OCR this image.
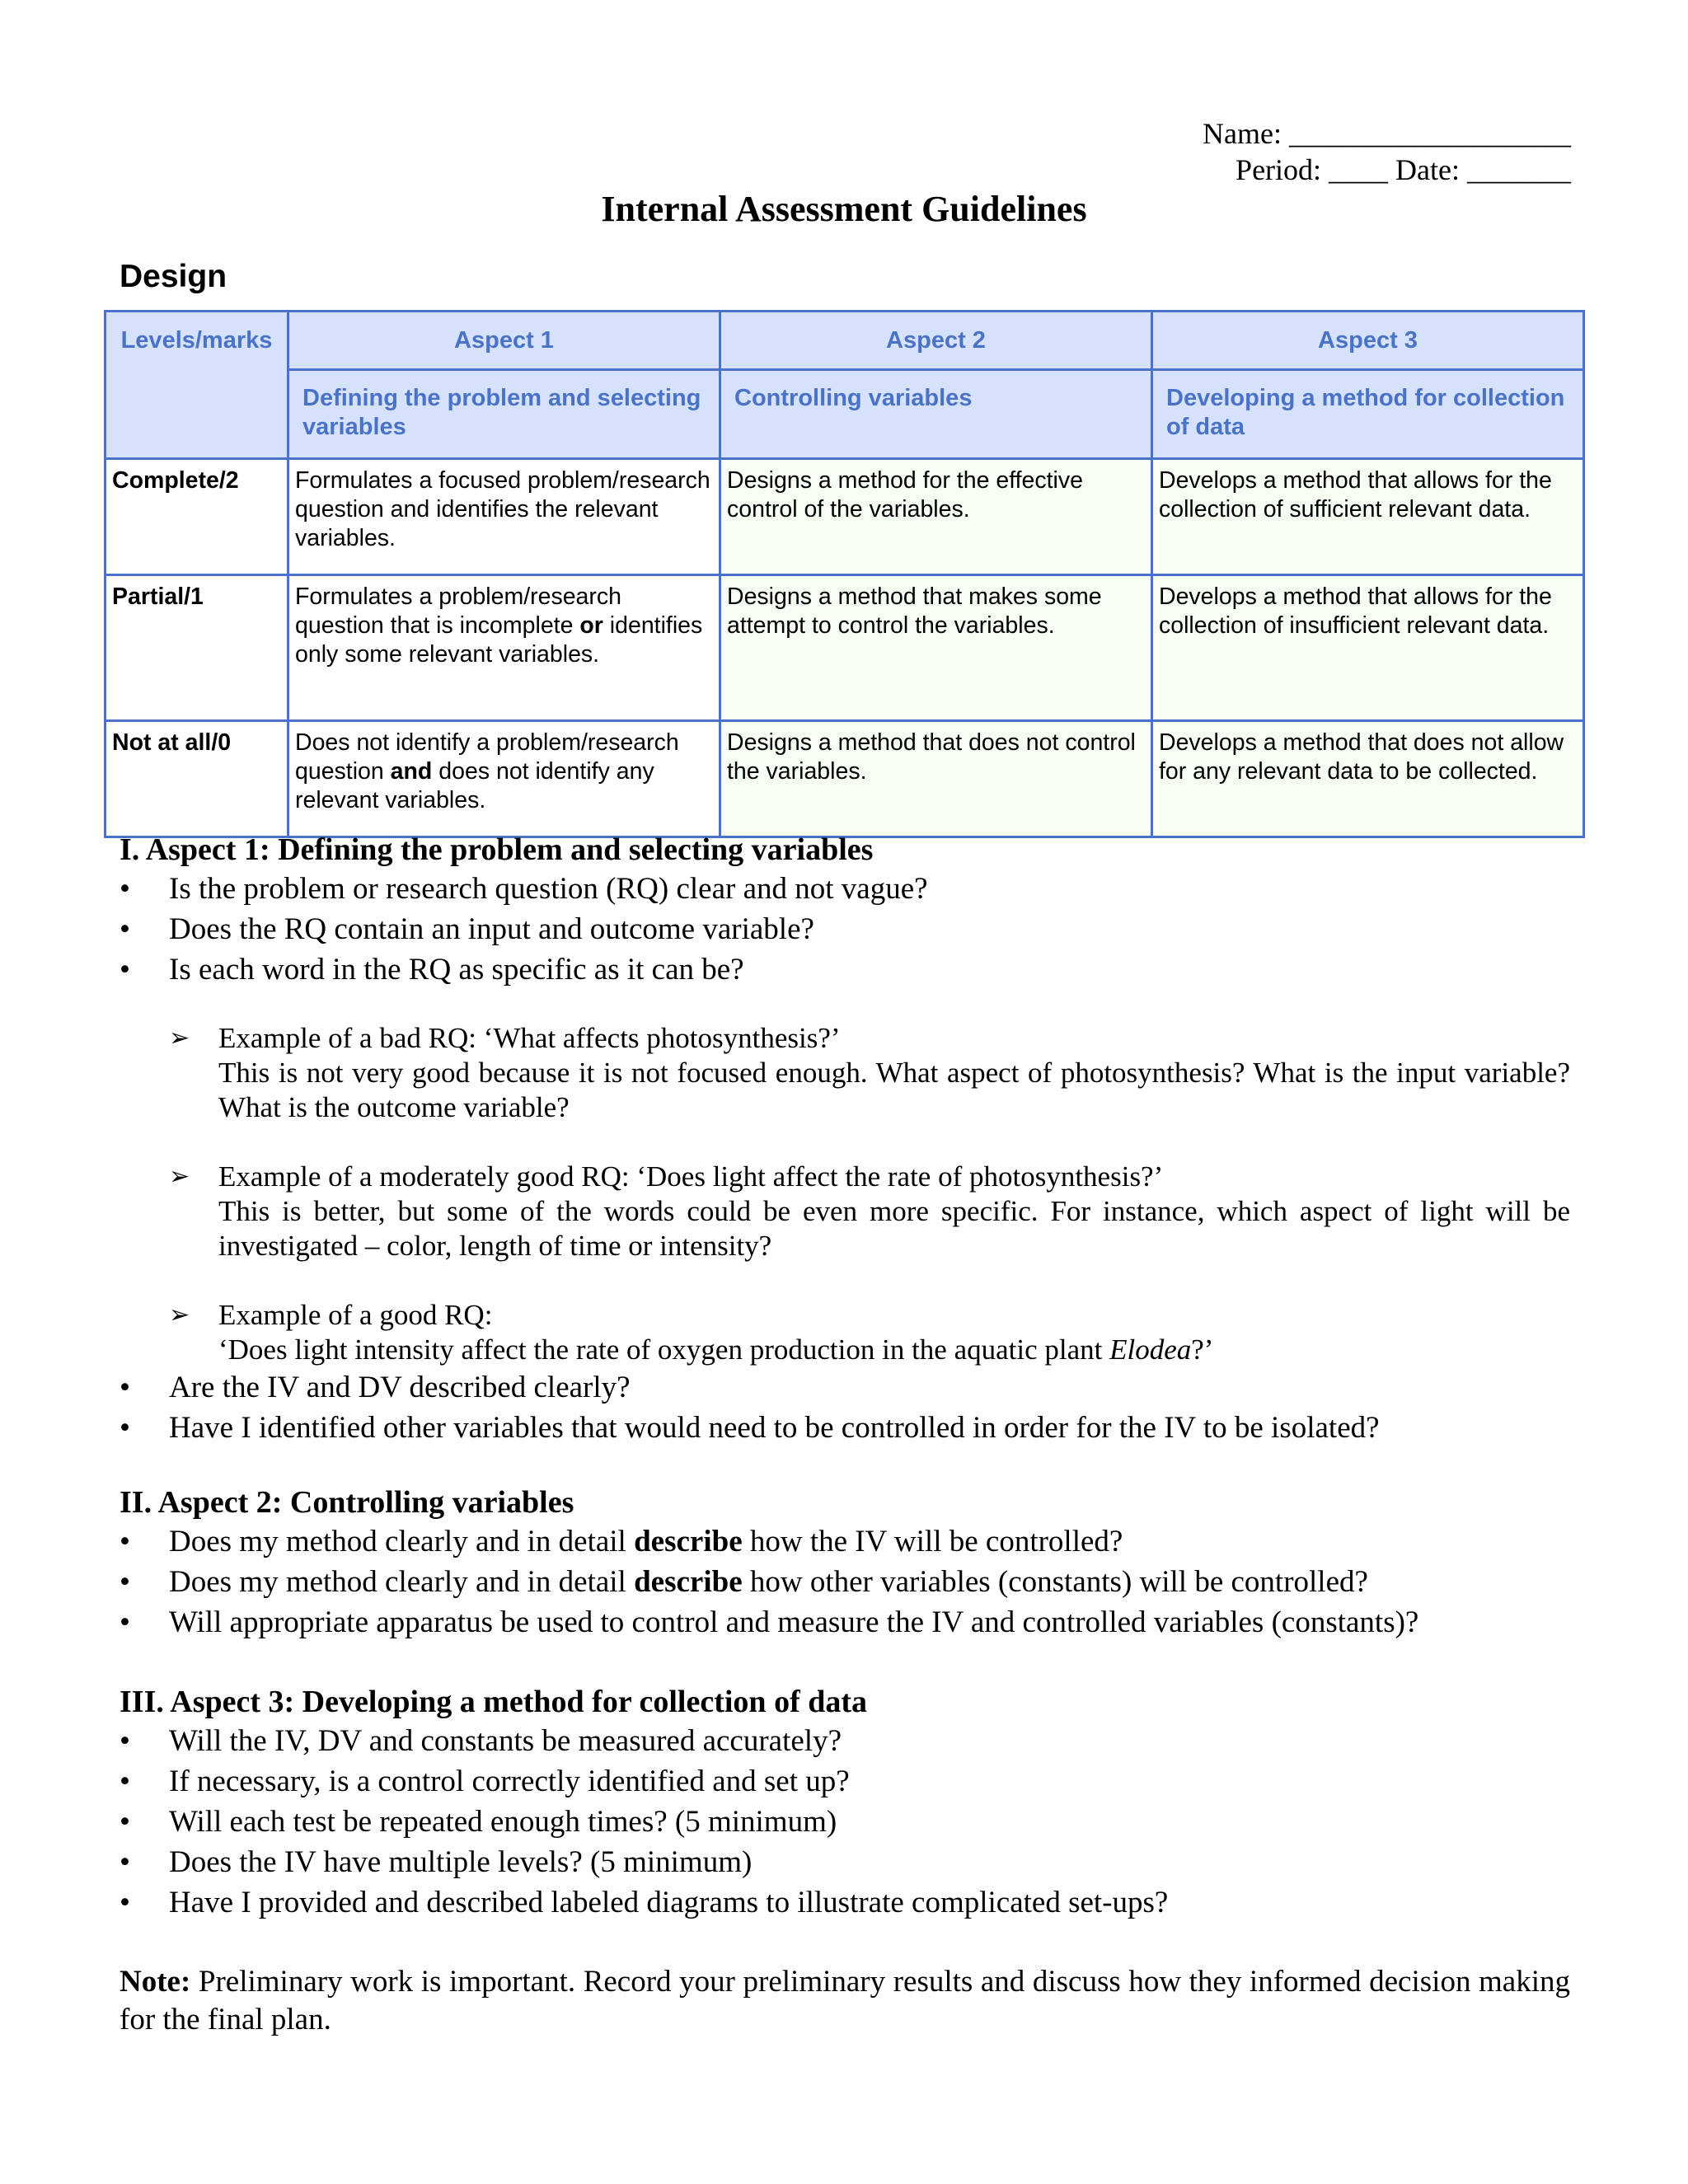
Name: ___________________
Period: ____ Date: _______
Internal Assessment Guidelines
Design
Levels/marks	Aspect 1	Aspect 2	Aspect 3
	Defining the problem and selecting variables	Controlling variables	Developing a method for collection of data
Complete/2	Formulates a focused problem/research question and identifies the relevant variables.	Designs a method for the effective control of the variables.	Develops a method that allows for the collection of sufficient relevant data.
Partial/1	Formulates a problem/research question that is incomplete or identifies only some relevant variables.	Designs a method that makes some attempt to control the variables.	Develops a method that allows for the collection of insufficient relevant data.
Not at all/0	Does not identify a problem/research question and does not identify any relevant variables.	Designs a method that does not control the variables.	Develops a method that does not allow for any relevant data to be collected.
I. Aspect 1: Defining the problem and selecting variables
• Is the problem or research question (RQ) clear and not vague?
• Does the RQ contain an input and outcome variable?
• Is each word in the RQ as specific as it can be?
➢ Example of a bad RQ: ‘What affects photosynthesis?’
This is not very good because it is not focused enough. What aspect of photosynthesis? What is the input variable? What is the outcome variable?
➢ Example of a moderately good RQ: ‘Does light affect the rate of photosynthesis?’
This is better, but some of the words could be even more specific. For instance, which aspect of light will be investigated – color, length of time or intensity?
➢ Example of a good RQ:
‘Does light intensity affect the rate of oxygen production in the aquatic plant Elodea?’
• Are the IV and DV described clearly?
• Have I identified other variables that would need to be controlled in order for the IV to be isolated?
II. Aspect 2: Controlling variables
• Does my method clearly and in detail describe how the IV will be controlled?
• Does my method clearly and in detail describe how other variables (constants) will be controlled?
• Will appropriate apparatus be used to control and measure the IV and controlled variables (constants)?
III. Aspect 3: Developing a method for collection of data
• Will the IV, DV and constants be measured accurately?
• If necessary, is a control correctly identified and set up?
• Will each test be repeated enough times? (5 minimum)
• Does the IV have multiple levels? (5 minimum)
• Have I provided and described labeled diagrams to illustrate complicated set-ups?
Note: Preliminary work is important. Record your preliminary results and discuss how they informed decision making for the final plan.
